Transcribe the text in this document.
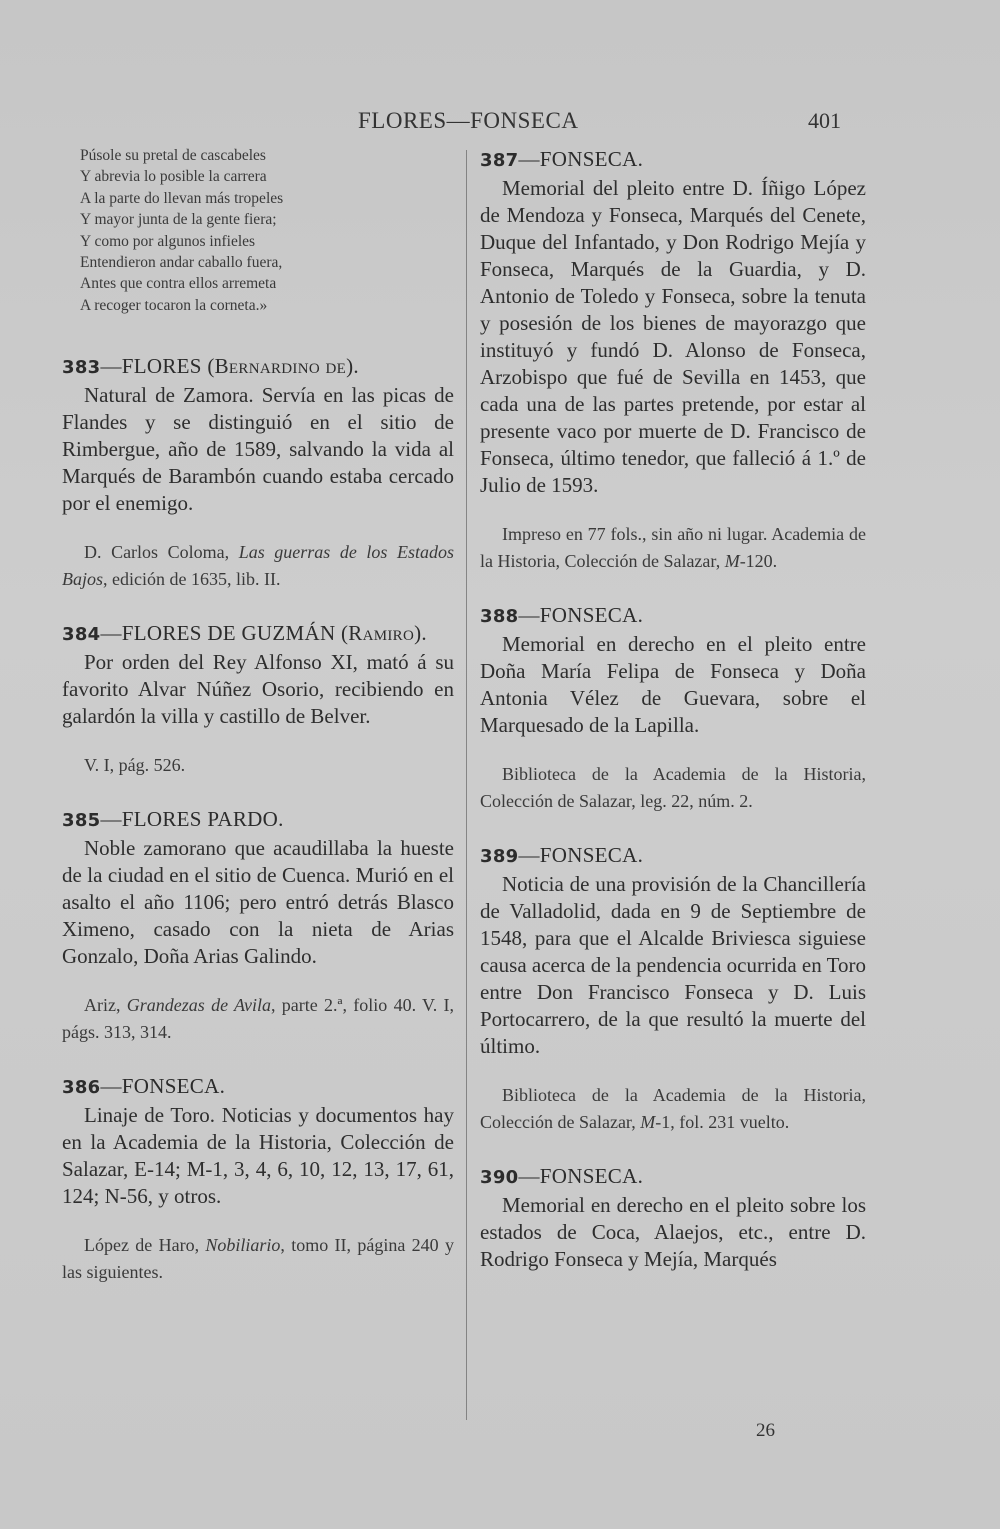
FLORES—FONSECA	401
Púsole su pretal de cascabeles
Y abrevia lo posible la carrera
A la parte do llevan más tropeles
Y mayor junta de la gente fiera;
Y como por algunos infieles
Entendieron andar caballo fuera,
Antes que contra ellos arremeta
A recoger tocaron la corneta.»
383—FLORES (Bernardino de).
Natural de Zamora. Servía en las picas de Flandes y se distinguió en el sitio de Rimbergue, año de 1589, salvando la vida al Marqués de Barambón cuando estaba cercado por el enemigo.
D. Carlos Coloma, Las guerras de los Estados Bajos, edición de 1635, lib. II.
384—FLORES DE GUZMÁN (Ramiro).
Por orden del Rey Alfonso XI, mató á su favorito Alvar Núñez Osorio, recibiendo en galardón la villa y castillo de Belver.
V. I, pág. 526.
385—FLORES PARDO.
Noble zamorano que acaudillaba la hueste de la ciudad en el sitio de Cuenca. Murió en el asalto el año 1106; pero entró detrás Blasco Ximeno, casado con la nieta de Arias Gonzalo, Doña Arias Galindo.
Ariz, Grandezas de Avila, parte 2.ª, folio 40. V. I, págs. 313, 314.
386—FONSECA.
Linaje de Toro. Noticias y documentos hay en la Academia de la Historia, Colección de Salazar, E-14; M-1, 3, 4, 6, 10, 12, 13, 17, 61, 124; N-56, y otros.
López de Haro, Nobiliario, tomo II, página 240 y las siguientes.
387—FONSECA.
Memorial del pleito entre D. Íñigo López de Mendoza y Fonseca, Marqués del Cenete, Duque del Infantado, y Don Rodrigo Mejía y Fonseca, Marqués de la Guardia, y D. Antonio de Toledo y Fonseca, sobre la tenuta y posesión de los bienes de mayorazgo que instituyó y fundó D. Alonso de Fonseca, Arzobispo que fué de Sevilla en 1453, que cada una de las partes pretende, por estar al presente vaco por muerte de D. Francisco de Fonseca, último tenedor, que falleció á 1.º de Julio de 1593.
Impreso en 77 fols., sin año ni lugar. Academia de la Historia, Colección de Salazar, M-120.
388—FONSECA.
Memorial en derecho en el pleito entre Doña María Felipa de Fonseca y Doña Antonia Vélez de Guevara, sobre el Marquesado de la Lapilla.
Biblioteca de la Academia de la Historia, Colección de Salazar, leg. 22, núm. 2.
389—FONSECA.
Noticia de una provisión de la Chancillería de Valladolid, dada en 9 de Septiembre de 1548, para que el Alcalde Briviesca siguiese causa acerca de la pendencia ocurrida en Toro entre Don Francisco Fonseca y D. Luis Portocarrero, de la que resultó la muerte del último.
Biblioteca de la Academia de la Historia, Colección de Salazar, M-1, fol. 231 vuelto.
390—FONSECA.
Memorial en derecho en el pleito sobre los estados de Coca, Alaejos, etc., entre D. Rodrigo Fonseca y Mejía, Marqués
26
